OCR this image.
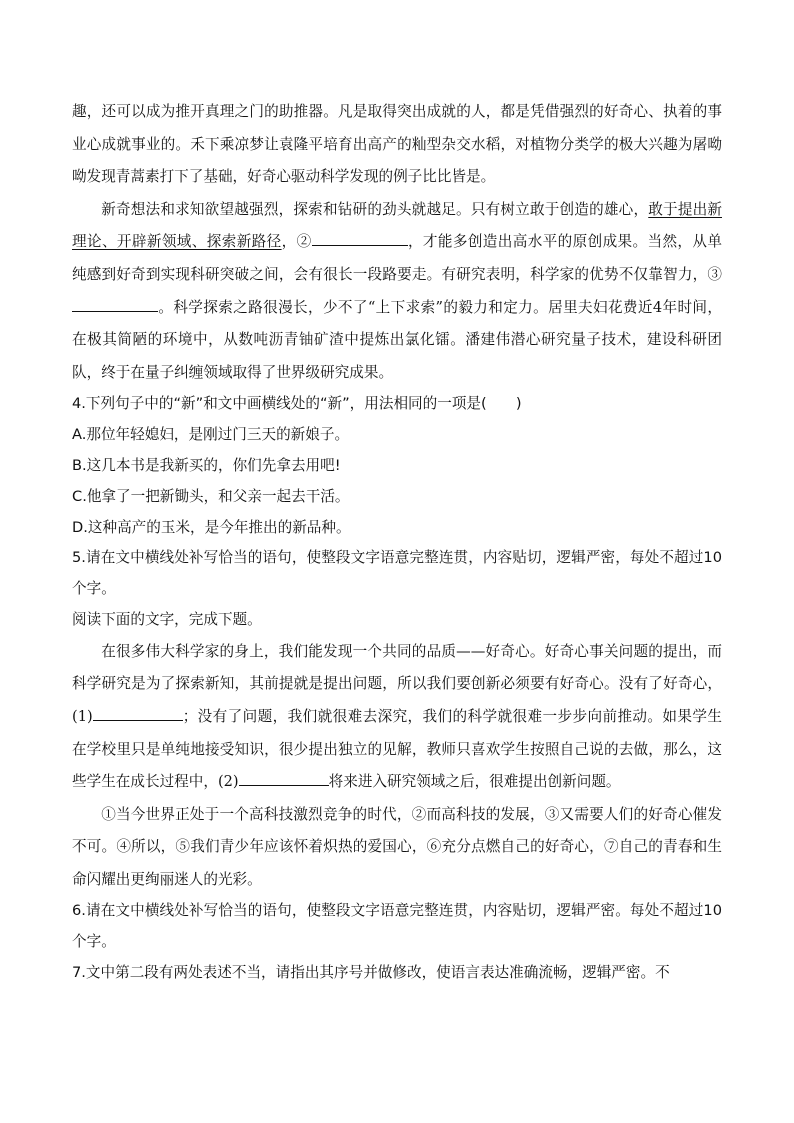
趣，还可以成为推开真理之门的助推器。凡是取得突出成就的人，都是凭借强烈的好奇心、执着的事业心成就事业的。禾下乘凉梦让袁隆平培育出高产的籼型杂交水稻，对植物分类学的极大兴趣为屠呦呦发现青蒿素打下了基础，好奇心驱动科学发现的例子比比皆是。

新奇想法和求知欲望越强烈，探索和钻研的劲头就越足。只有树立敢于创造的雄心，敢于提出新理论、开辟新领域、探索新路径，②	，才能多创造出高水平的原创成果。当然，从单纯感到好奇到实现科研突破之间，会有很长一段路要走。有研究表明，科学家的优势不仅靠智力，③。科学探索之路很漫长，少不了“上下求索”的毅力和定力。居里夫妇花费近4年时间，在极其简陋的环境中，从数吨沥青铀矿渣中提炼出氯化镭。潘建伟潜心研究量子技术，建设科研团队，终于在量子纠缠领域取得了世界级研究成果。

4.下列句子中的“新”和文中画横线处的“新”，用法相同的一项是(　　)

A.那位年轻媳妇，是刚过门三天的新娘子。

B.这几本书是我新买的，你们先拿去用吧!

C.他拿了一把新锄头，和父亲一起去干活。

D.这种高产的玉米，是今年推出的新品种。

5.请在文中横线处补写恰当的语句，使整段文字语意完整连贯，内容贴切，逻辑严密，每处不超过10个字。

阅读下面的文字，完成下题。

在很多伟大科学家的身上，我们能发现一个共同的品质——好奇心。好奇心事关问题的提出，而科学研究是为了探索新知，其前提就是提出问题，所以我们要创新必须要有好奇心。没有了好奇心，(1)	；没有了问题，我们就很难去深究，我们的科学就很难一步步向前推动。如果学生在学校里只是单纯地接受知识，很少提出独立的见解，教师只喜欢学生按照自己说的去做，那么，这些学生在成长过程中，(2)	将来进入研究领域之后，很难提出创新问题。

①当今世界正处于一个高科技激烈竞争的时代，②而高科技的发展，③又需要人们的好奇心催发不可。④所以，⑤我们青少年应该怀着炽热的爱国心，⑥充分点燃自己的好奇心，⑦自己的青春和生命闪耀出更绚丽迷人的光彩。

6.请在文中横线处补写恰当的语句，使整段文字语意完整连贯，内容贴切，逻辑严密。每处不超过10个字。

7.文中第二段有两处表述不当，请指出其序号并做修改，使语言表达准确流畅，逻辑严密。不
